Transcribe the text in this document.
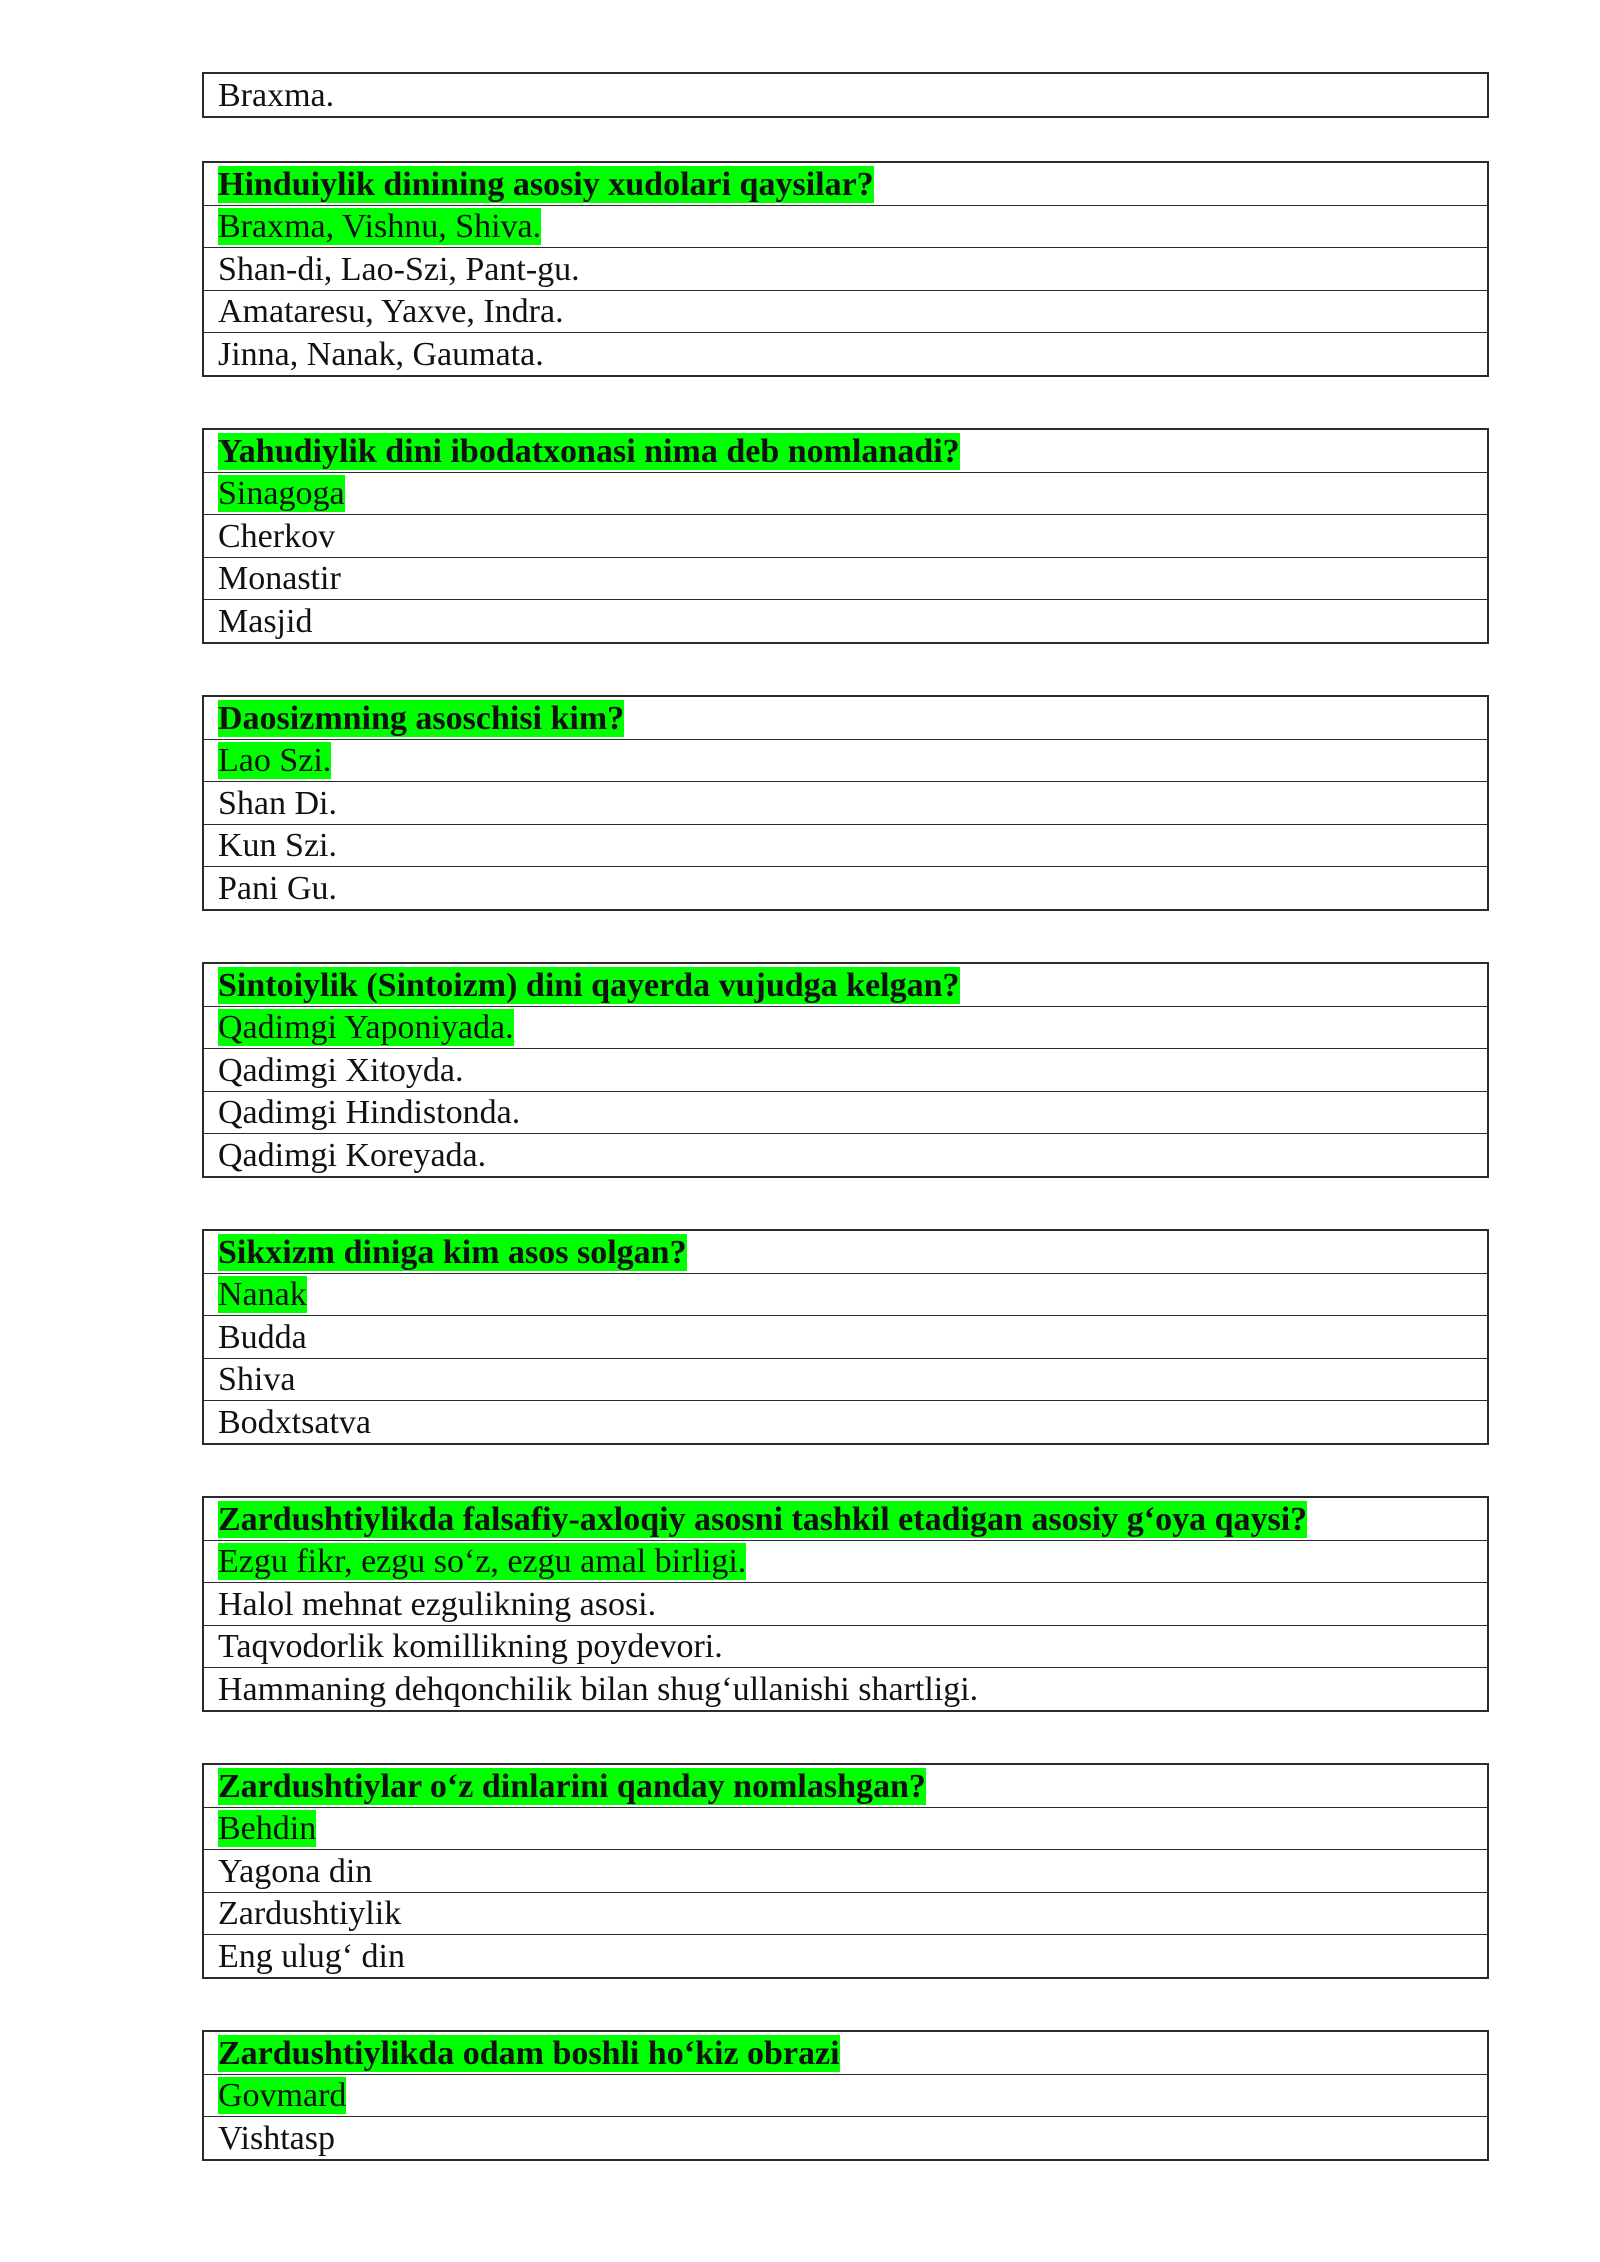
Braxma.
Hinduiylik dinining asosiy xudolari qaysilar?
Braxma, Vishnu, Shiva.
Shan-di, Lao-Szi, Pant-gu.
Amataresu, Yaxve, Indra.
Jinna, Nanak, Gaumata.
Yahudiylik dini ibodatxonasi nima deb nomlanadi?
Sinagoga
Cherkov
Monastir
Masjid
Daosizmning asoschisi kim?
Lao Szi.
Shan Di.
Kun Szi.
Pani Gu.
Sintoiylik (Sintoizm) dini qayerda vujudga kelgan?
Qadimgi Yaponiyada.
Qadimgi Xitoyda.
Qadimgi Hindistonda.
Qadimgi Koreyada.
Sikxizm diniga kim asos solgan?
Nanak
Budda
Shiva
Bodxtsatva
Zardushtiylikda falsafiy-axloqiy asosni tashkil etadigan asosiy g‘oya qaysi?
Ezgu fikr, ezgu so‘z, ezgu amal birligi.
Halol mehnat ezgulikning asosi.
Taqvodorlik komillikning poydevori.
Hammaning dehqonchilik bilan shug‘ullanishi shartligi.
Zardushtiylar o‘z dinlarini qanday nomlashgan?
Behdin
Yagona din
Zardushtiylik
Eng ulug‘ din
Zardushtiylikda odam boshli ho‘kiz obrazi
Govmard
Vishtasp
